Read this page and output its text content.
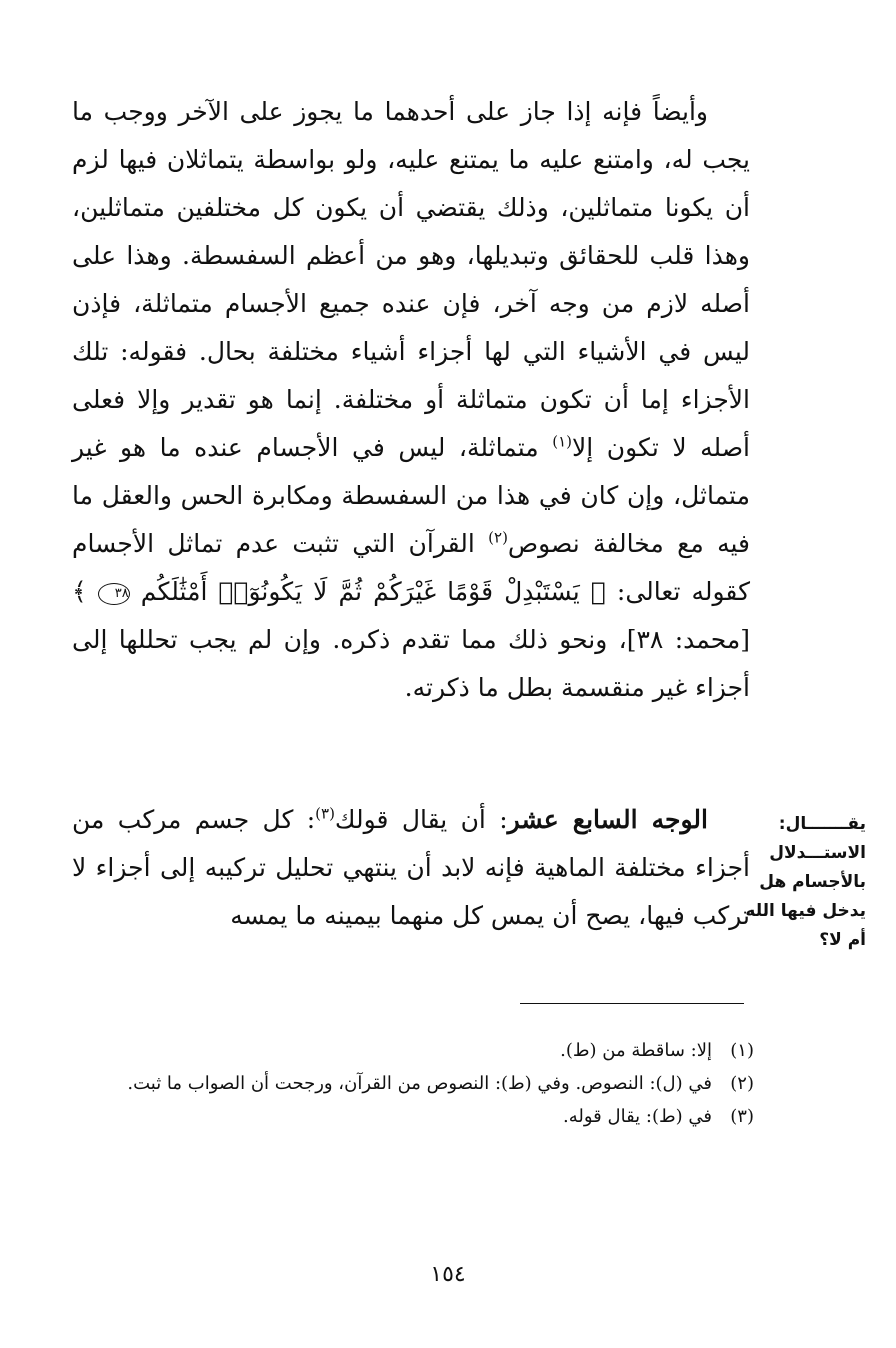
وأيضاً فإنه إذا جاز على أحدهما ما يجوز على الآخر ووجب ما يجب له، وامتنع عليه ما يمتنع عليه، ولو بواسطة يتماثلان فيها لزم أن يكونا متماثلين، وذلك يقتضي أن يكون كل مختلفين متماثلين، وهذا قلب للحقائق وتبديلها، وهو من أعظم السفسطة. وهذا على أصله لازم من وجه آخر، فإن عنده جميع الأجسام متماثلة، فإذن ليس في الأشياء التي لها أجزاء أشياء مختلفة بحال. فقوله: تلك الأجزاء إما أن تكون متماثلة أو مختلفة. إنما هو تقدير وإلا فعلى أصله لا تكون إلا$^{(١)}$ متماثلة، ليس في الأجسام عنده ما هو غير متماثل، وإن كان في هذا من السفسطة ومكابرة الحس والعقل ما فيه مع مخالفة نصوص$^{(٢)}$ القرآن التي تثبت عدم تماثل الأجسام كقوله تعالى: ﴿ يَسْتَبْدِلْ قَوْمًا غَيْرَكُمْ ثُمَّ لَا يَكُونُوٓا۟ أَمْثَٰلَكُم ٣٨ ﴾ [محمد: ٣٨]، ونحو ذلك مما تقدم ذكره. وإن لم يجب تحللها إلى أجزاء غير منقسمة بطل ما ذكرته.
الوجه السابع عشر: أن يقال قولك$^{(٣)}$: كل جسم مركب من أجزاء مختلفة الماهية فإنه لابد أن ينتهي تحليل تركيبه إلى أجزاء لا تركب فيها، يصح أن يمس كل منهما بيمينه ما يمسه
يقـــــــال:
الاستـــدلال
بالأجسام هل
يدخل فيها الله
أم لا؟
(١)
إلا: ساقطة من (ط).
(٢)
في (ل): النصوص. وفي (ط): النصوص من القرآن، ورجحت أن الصواب ما ثبت.
(٣)
في (ط): يقال قوله.
١٥٤
